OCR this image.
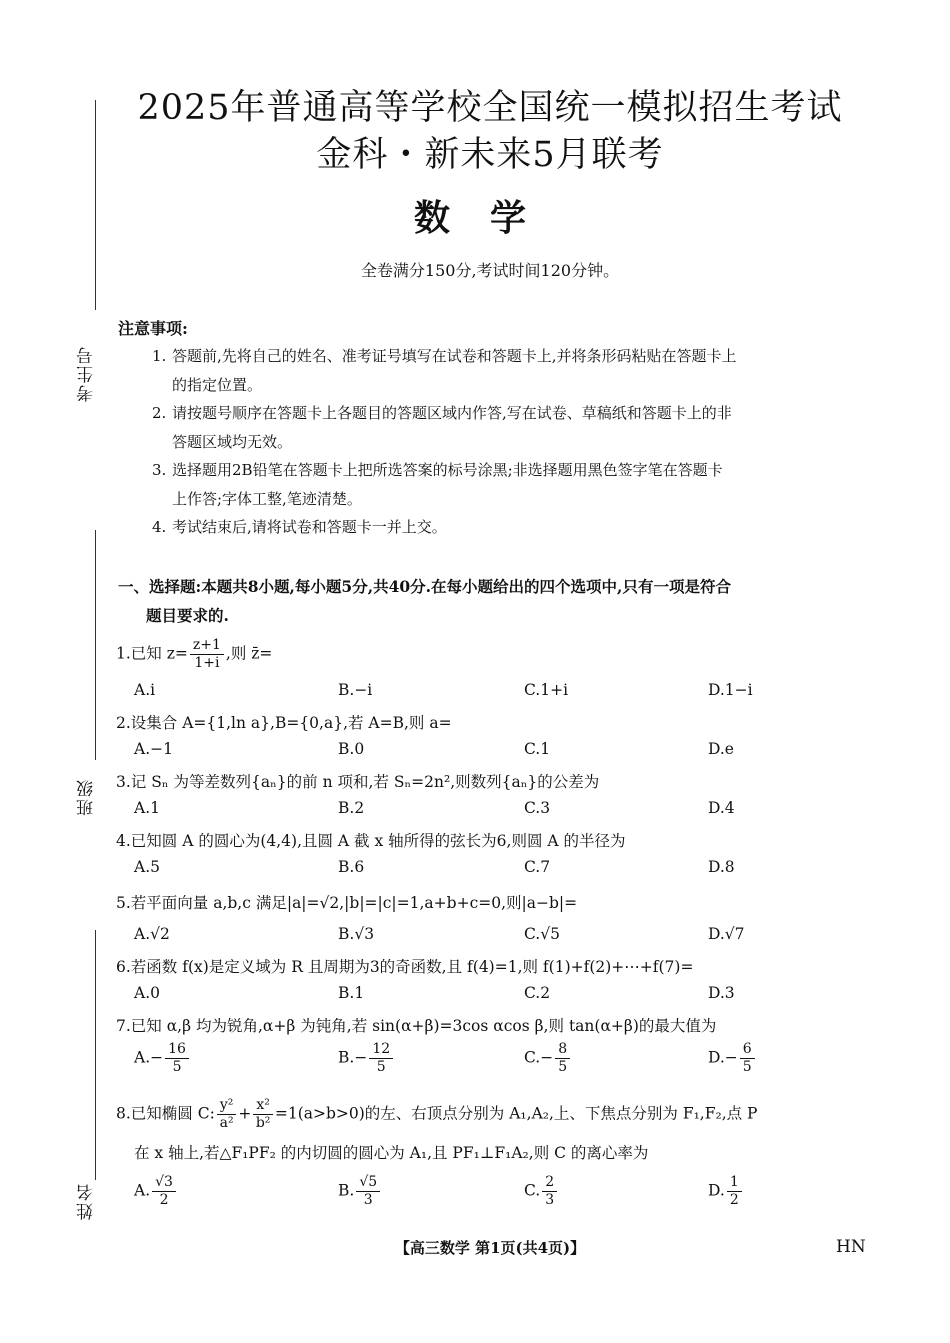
考生号
班级
姓名
2025年普通高等学校全国统一模拟招生考试
金科・新未来5月联考
数学
全卷满分150分,考试时间120分钟。
注意事项:
1. 答题前,先将自己的姓名、准考证号填写在试卷和答题卡上,并将条形码粘贴在答题卡上
的指定位置。
2. 请按题号顺序在答题卡上各题目的答题区域内作答,写在试卷、草稿纸和答题卡上的非
答题区域均无效。
3. 选择题用2B铅笔在答题卡上把所选答案的标号涂黑;非选择题用黑色签字笔在答题卡
上作答;字体工整,笔迹清楚。
4. 考试结束后,请将试卷和答题卡一并上交。
一、选择题:本题共8小题,每小题5分,共40分.在每小题给出的四个选项中,只有一项是符合
题目要求的.
1.已知 $z= \frac{z+1}{1+i}$ ,则 z̄=
A.i	B.−i	C.1+i	D.1−i
2.设集合 A={1,ln a},B={0,a},若 A=B,则 a=
A.−1	B.0	C.1	D.e
3.记 Sₙ 为等差数列{aₙ}的前 n 项和,若 Sₙ=2n²,则数列{aₙ}的公差为
A.1	B.2	C.3	D.4
4.已知圆 A 的圆心为(4,4),且圆 A 截 x 轴所得的弦长为6,则圆 A 的半径为
A.5	B.6	C.7	D.8
5.若平面向量 a,b,c 满足|a|=√2,|b|=|c|=1,a+b+c=0,则|a−b|=
A.√2	B.√3	C.√5	D.√7
6.若函数 f(x)是定义域为 R 且周期为3的奇函数,且 f(4)=1,则 f(1)+f(2)+⋯+f(7)=
A.0	B.1	C.2	D.3
7.已知 α,β 均为锐角,α+β 为钝角,若 sin(α+β)=3cos αcos β,则 tan(α+β)的最大值为
$A.- \frac{16}{5}$	$B.- \frac{12}{5}$	$C.- \frac{8}{5}$	$D.- \frac{6}{5}$
8.已知椭圆 C: $\frac{\text{y²}}{\text{a²}} + \frac{\text{x²}}{\text{b²}} =1(a>b>0)$的左、右顶点分别为 A₁,A₂,上、下焦点分别为 F₁,F₂,点 P
在 x 轴上,若△F₁PF₂ 的内切圆的圆心为 A₁,且 PF₁⊥F₁A₂,则 C 的离心率为
A. $\frac{√3}{2}$	B. $\frac{√5}{3}$	C. $\frac{2}{3}$	D. $\frac{1}{2}$
【高三数学 第1页(共4页)】	HN
